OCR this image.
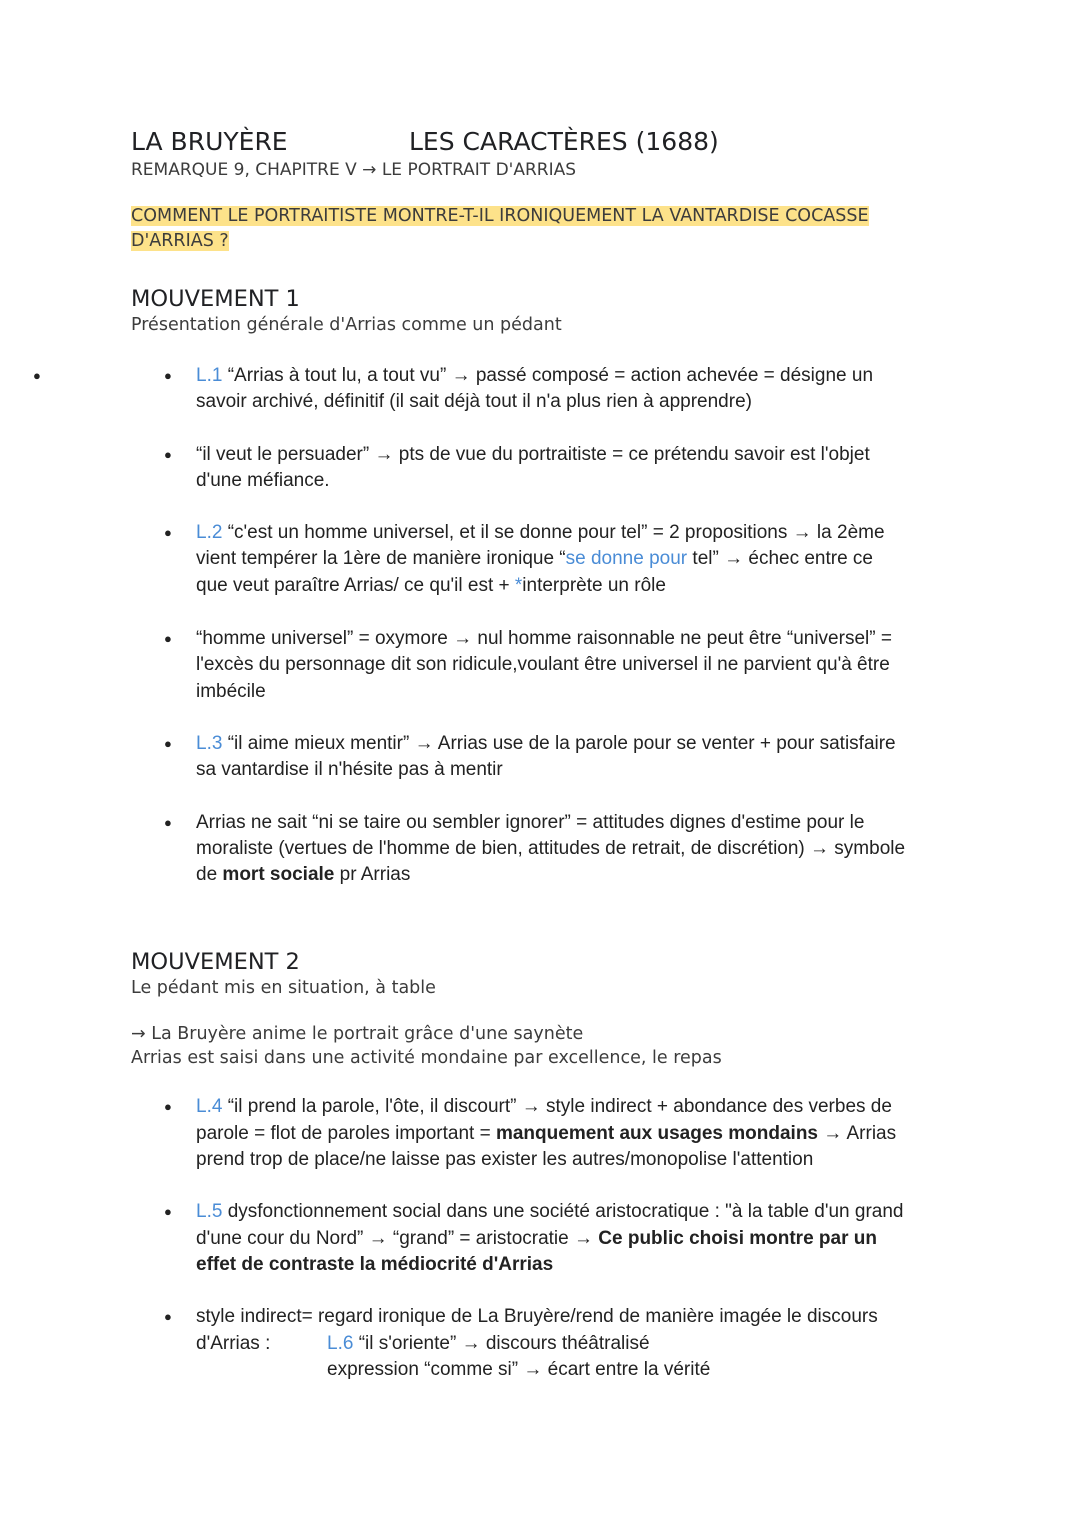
LA BRUYÈRE	LES CARACTÈRES (1688)
REMARQUE 9, CHAPITRE V → LE PORTRAIT D'ARRIAS
COMMENT LE PORTRAITISTE MONTRE-T-IL IRONIQUEMENT LA VANTARDISE COCASSE
D'ARRIAS ?
MOUVEMENT 1
Présentation générale d'Arrias comme un pédant
● ● L.1 “Arrias à tout lu, a tout vu” → passé composé = action achevée = désigne un
savoir archivé, définitif (il sait déjà tout il n'a plus rien à apprendre)
● “il veut le persuader” → pts de vue du portraitiste = ce prétendu savoir est l'objet
d'une méfiance.
● L.2 “c'est un homme universel, et il se donne pour tel” = 2 propositions → la 2ème
vient tempérer la 1ère de manière ironique “se donne pour tel” → échec entre ce
que veut paraître Arrias/ ce qu'il est + *interprète un rôle
● “homme universel” = oxymore → nul homme raisonnable ne peut être “universel” =
l'excès du personnage dit son ridicule,voulant être universel il ne parvient qu'à être
imbécile
● L.3 “il aime mieux mentir” → Arrias use de la parole pour se venter + pour satisfaire
sa vantardise il n'hésite pas à mentir
● Arrias ne sait “ni se taire ou sembler ignorer” = attitudes dignes d'estime pour le
moraliste (vertues de l'homme de bien, attitudes de retrait, de discrétion) → symbole
de mort sociale pr Arrias
MOUVEMENT 2
Le pédant mis en situation, à table
→ La Bruyère anime le portrait grâce d'une saynète
Arrias est saisi dans une activité mondaine par excellence, le repas
● L.4 “il prend la parole, l'ôte, il discourt” → style indirect + abondance des verbes de
parole = flot de paroles important = manquement aux usages mondains → Arrias
prend trop de place/ne laisse pas exister les autres/monopolise l'attention
● L.5 dysfonctionnement social dans une société aristocratique : "à la table d'un grand
d'une cour du Nord” → “grand” = aristocratie → Ce public choisi montre par un
effet de contraste la médiocrité d'Arrias
● style indirect= regard ironique de La Bruyère/rend de manière imagée le discours

d'Arrias :	L.6 “il s'oriente” → discours théâtralisé
expression “comme si” → écart entre la vérité
